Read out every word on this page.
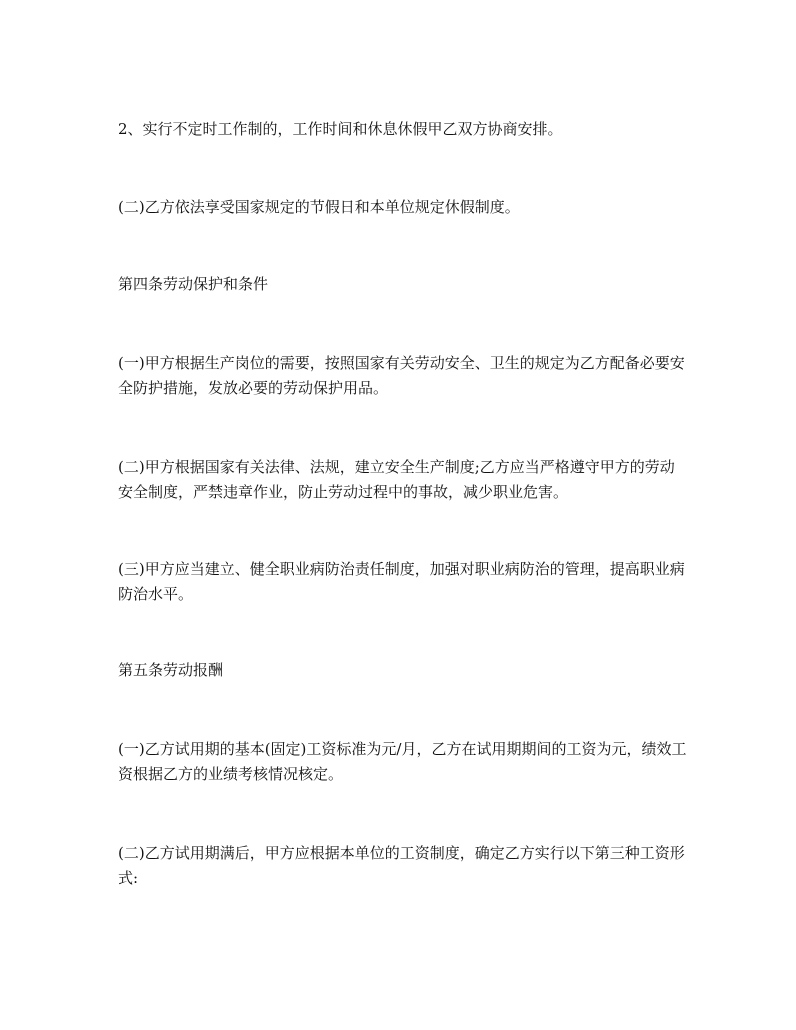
2、实行不定时工作制的，工作时间和休息休假甲乙双方协商安排。

(二)乙方依法享受国家规定的节假日和本单位规定休假制度。

第四条劳动保护和条件

(一)甲方根据生产岗位的需要，按照国家有关劳动安全、卫生的规定为乙方配备必要安全防护措施，发放必要的劳动保护用品。

(二)甲方根据国家有关法律、法规，建立安全生产制度;乙方应当严格遵守甲方的劳动安全制度，严禁违章作业，防止劳动过程中的事故，减少职业危害。

(三)甲方应当建立、健全职业病防治责任制度，加强对职业病防治的管理，提高职业病防治水平。

第五条劳动报酬

(一)乙方试用期的基本(固定)工资标准为元/月，乙方在试用期期间的工资为元，绩效工资根据乙方的业绩考核情况核定。

(二)乙方试用期满后，甲方应根据本单位的工资制度，确定乙方实行以下第三种工资形式:
